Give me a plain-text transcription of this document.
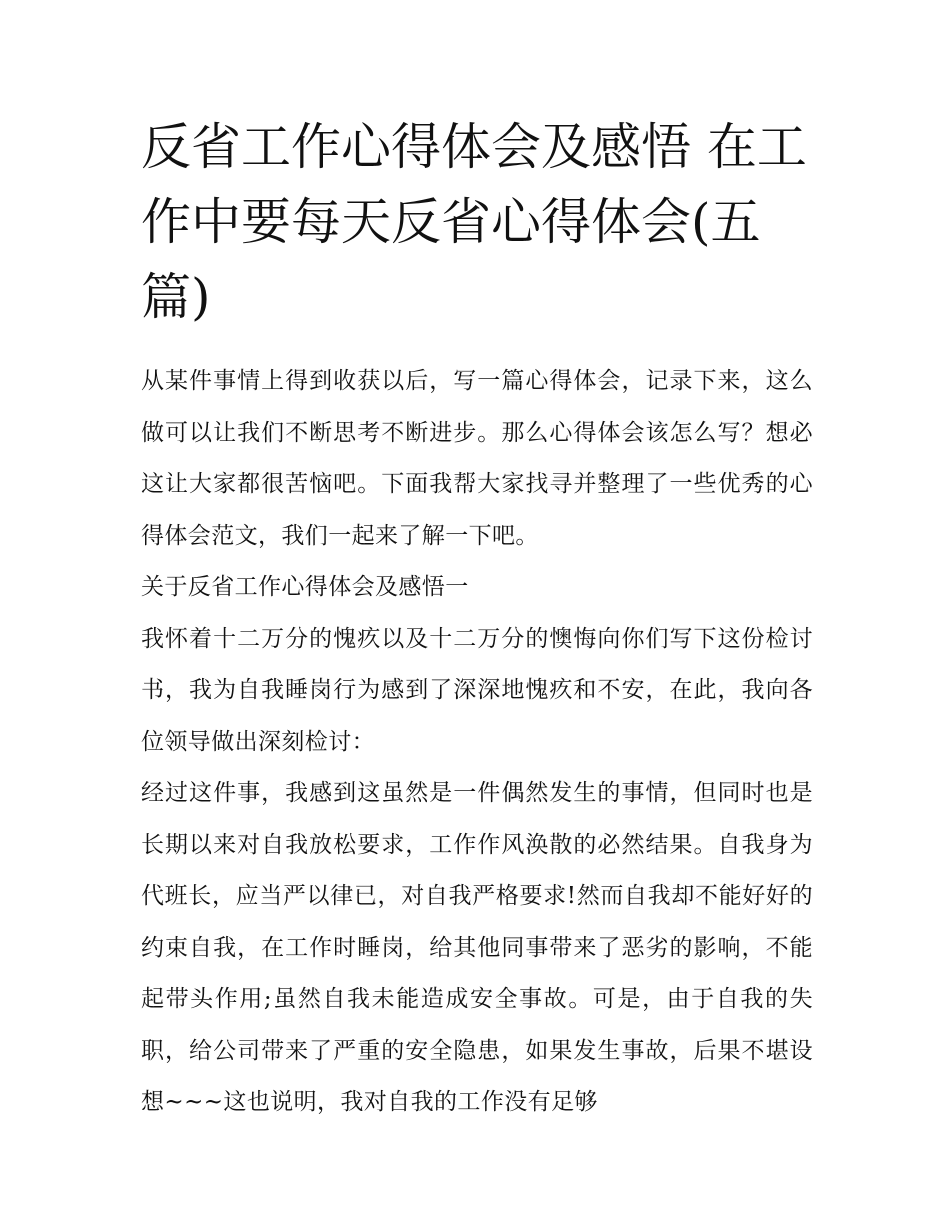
反省工作心得体会及感悟 在工作中要每天反省心得体会(五篇)

从某件事情上得到收获以后，写一篇心得体会，记录下来，这么做可以让我们不断思考不断进步。那么心得体会该怎么写？想必这让大家都很苦恼吧。下面我帮大家找寻并整理了一些优秀的心得体会范文，我们一起来了解一下吧。

关于反省工作心得体会及感悟一

我怀着十二万分的愧疚以及十二万分的懊悔向你们写下这份检讨书，我为自我睡岗行为感到了深深地愧疚和不安，在此，我向各位领导做出深刻检讨：

经过这件事，我感到这虽然是一件偶然发生的事情，但同时也是长期以来对自我放松要求，工作作风涣散的必然结果。自我身为代班长，应当严以律已，对自我严格要求!然而自我却不能好好的约束自我，在工作时睡岗，给其他同事带来了恶劣的影响，不能起带头作用;虽然自我未能造成安全事故。可是，由于自我的失职，给公司带来了严重的安全隐患，如果发生事故，后果不堪设想~~~这也说明，我对自我的工作没有足够
